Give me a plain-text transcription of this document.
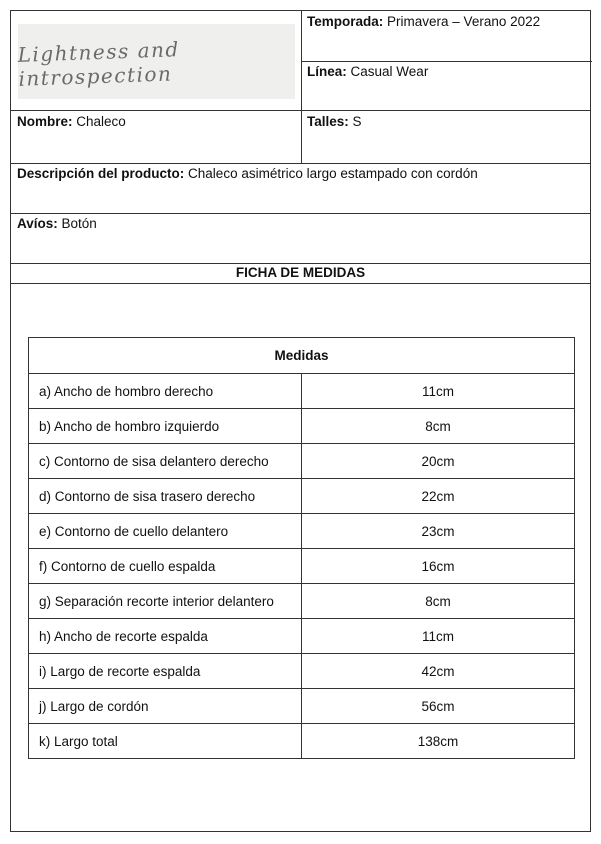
Lightness and introspection
Temporada: Primavera – Verano 2022
Línea: Casual Wear
Nombre: Chaleco	Talles: S
Descripción del producto: Chaleco asimétrico largo estampado con cordón
Avíos: Botón
FICHA DE MEDIDAS
Medidas	
a) Ancho de hombro derecho	11cm
b) Ancho de hombro izquierdo	8cm
c) Contorno de sisa delantero derecho	20cm
d) Contorno de sisa trasero derecho	22cm
e) Contorno de cuello delantero	23cm
f) Contorno de cuello espalda	16cm
g) Separación recorte interior delantero	8cm
h) Ancho de recorte espalda	11cm
i) Largo de recorte espalda	42cm
j) Largo de cordón	56cm
k) Largo total	138cm
